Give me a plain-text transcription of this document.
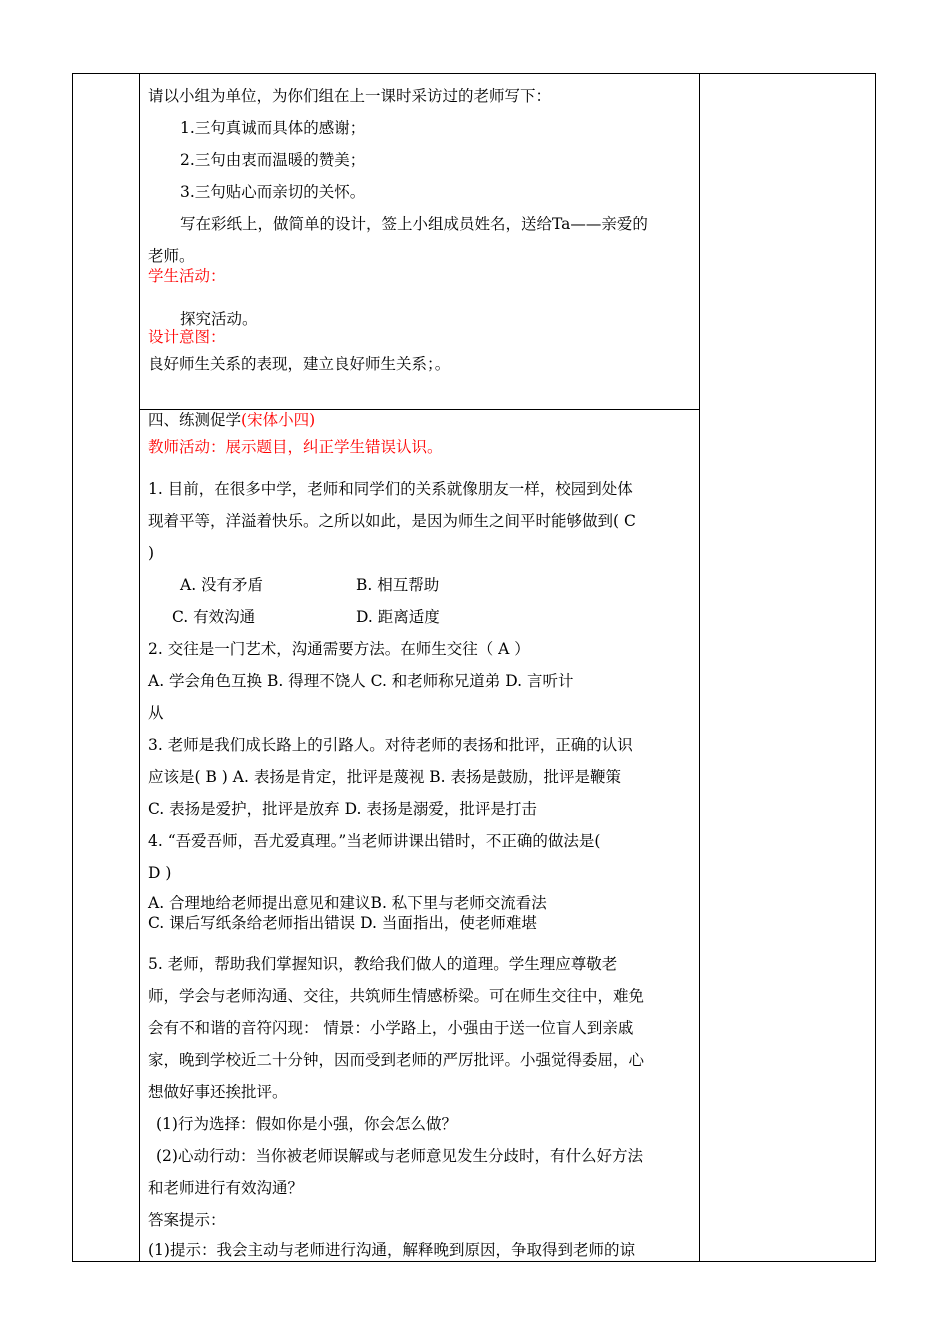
请以小组为单位，为你们组在上一课时采访过的老师写下：
1.三句真诚而具体的感谢；
2.三句由衷而温暖的赞美；
3.三句贴心而亲切的关怀。
写在彩纸上，做简单的设计，签上小组成员姓名，送给Ta——亲爱的
老师。
学生活动：
探究活动。
设计意图：
良好师生关系的表现，建立良好师生关系；。
四、练测促学(宋体小四)
教师活动：展示题目，纠正学生错误认识。
1. 目前，在很多中学，老师和同学们的关系就像朋友一样，校园到处体
现着平等，洋溢着快乐。之所以如此，是因为师生之间平时能够做到( C
)
A. 没有矛盾	B. 相互帮助
C. 有效沟通	D. 距离适度
2. 交往是一门艺术，沟通需要方法。在师生交往（ A ）
A. 学会角色互换 B. 得理不饶人 C. 和老师称兄道弟 D. 言听计
从
3. 老师是我们成长路上的引路人。对待老师的表扬和批评，正确的认识
应该是( B ) A. 表扬是肯定，批评是蔑视 B. 表扬是鼓励，批评是鞭策
C. 表扬是爱护，批评是放弃 D. 表扬是溺爱，批评是打击
4. “吾爱吾师，吾尤爱真理。”当老师讲课出错时，不正确的做法是(
D )
A. 合理地给老师提出意见和建议B. 私下里与老师交流看法
C. 课后写纸条给老师指出错误 D. 当面指出，使老师难堪
5. 老师，帮助我们掌握知识，教给我们做人的道理。学生理应尊敬老
师，学会与老师沟通、交往，共筑师生情感桥梁。可在师生交往中，难免
会有不和谐的音符闪现： 情景：小学路上，小强由于送一位盲人到亲戚
家，晚到学校近二十分钟，因而受到老师的严厉批评。小强觉得委屈，心
想做好事还挨批评。
(1)行为选择：假如你是小强，你会怎么做？
(2)心动行动：当你被老师误解或与老师意见发生分歧时，有什么好方法
和老师进行有效沟通？
答案提示：
(1)提示：我会主动与老师进行沟通，解释晚到原因，争取得到老师的谅
